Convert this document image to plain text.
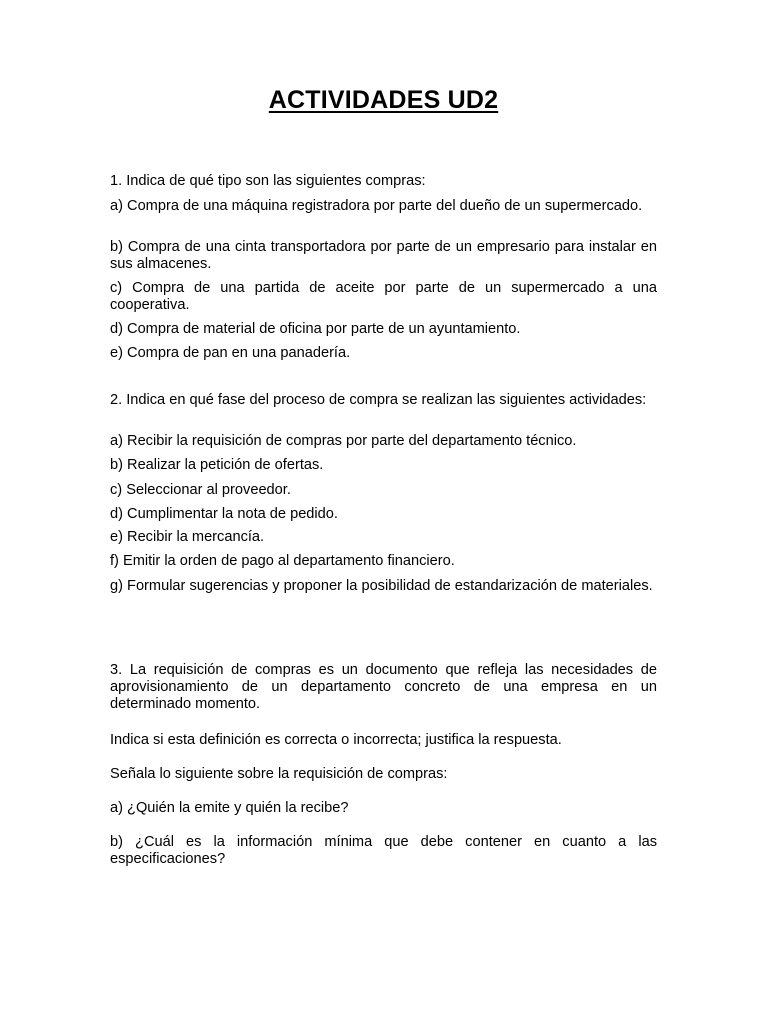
ACTIVIDADES UD2

1. Indica de qué tipo son las siguientes compras:

a) Compra de una máquina registradora por parte del dueño de un supermercado.

b) Compra de una cinta transportadora por parte de un empresario para instalar en sus almacenes.

c) Compra de una partida de aceite por parte de un supermercado a una cooperativa.

d) Compra de material de oficina por parte de un ayuntamiento.

e) Compra de pan en una panadería.

2. Indica en qué fase del proceso de compra se realizan las siguientes actividades:

a) Recibir la requisición de compras por parte del departamento técnico.

b) Realizar la petición de ofertas.

c) Seleccionar al proveedor.

d) Cumplimentar la nota de pedido.

e) Recibir la mercancía.

f) Emitir la orden de pago al departamento financiero.

g) Formular sugerencias y proponer la posibilidad de estandarización de materiales.

3. La requisición de compras es un documento que refleja las necesidades de aprovisionamiento de un departamento concreto de una empresa en un determinado momento.

Indica si esta definición es correcta o incorrecta; justifica la respuesta.

Señala lo siguiente sobre la requisición de compras:

a) ¿Quién la emite y quién la recibe?

b) ¿Cuál es la información mínima que debe contener en cuanto a las especificaciones?
